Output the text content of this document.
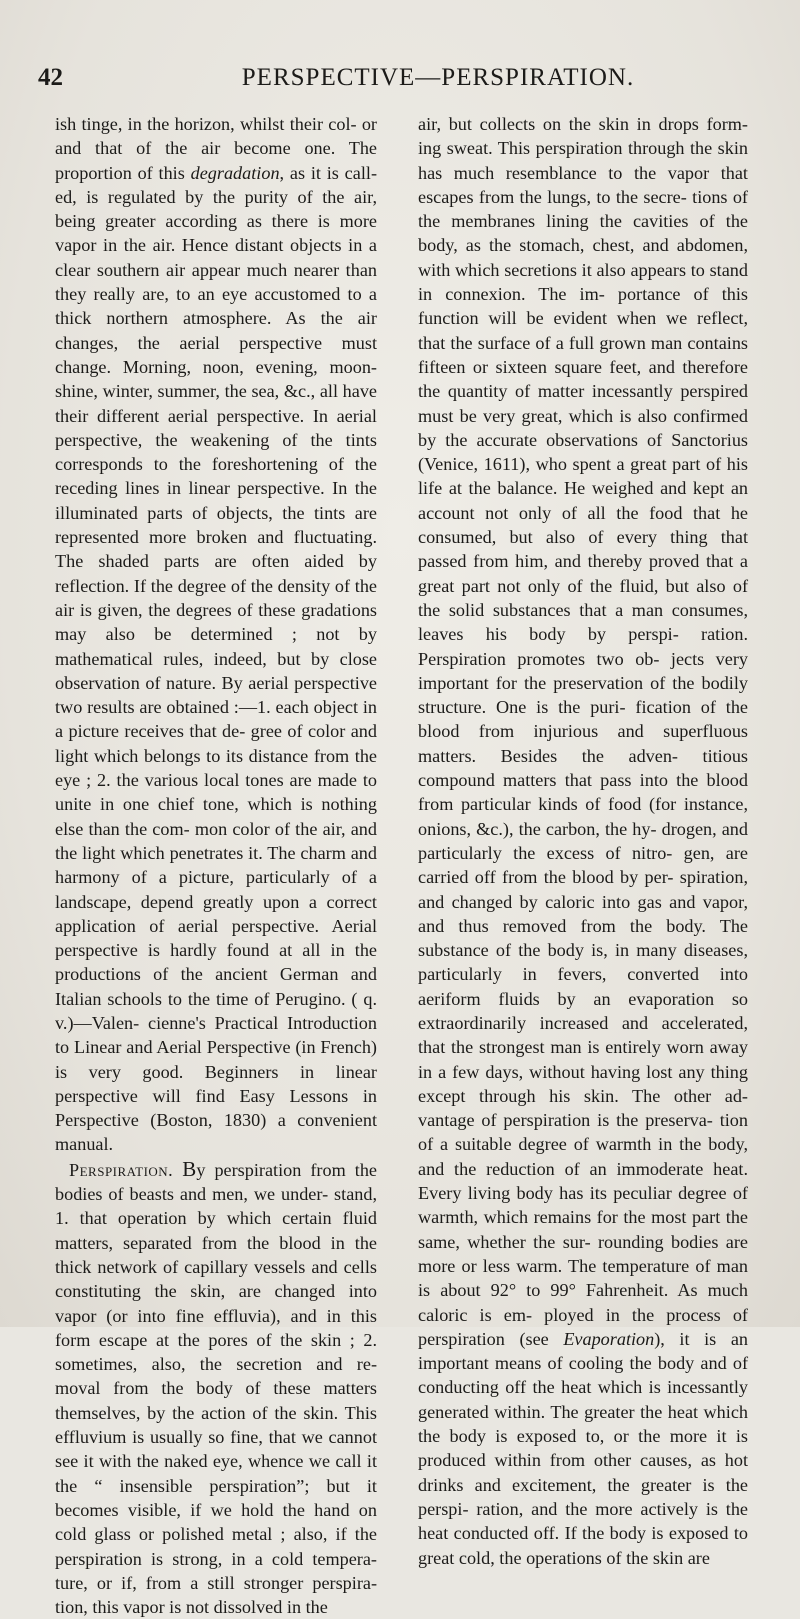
42	PERSPECTIVE—PERSPIRATION.

ish tinge, in the horizon, whilst their col- or and that of the air become one. The proportion of this degradation, as it is call- ed, is regulated by the purity of the air, being greater according as there is more vapor in the air. Hence distant objects in a clear southern air appear much nearer than they really are, to an eye accustomed to a thick northern atmosphere. As the air changes, the aerial perspective must change. Morning, noon, evening, moon- shine, winter, summer, the sea, &c., all have their different aerial perspective. In aerial perspective, the weakening of the tints corresponds to the foreshortening of the receding lines in linear perspective. In the illuminated parts of objects, the tints are represented more broken and fluctuating. The shaded parts are often aided by reflection. If the degree of the density of the air is given, the degrees of these gradations may also be determined ; not by mathematical rules, indeed, but by close observation of nature. By aerial perspective two results are obtained :—1. each object in a picture receives that de- gree of color and light which belongs to its distance from the eye ; 2. the various local tones are made to unite in one chief tone, which is nothing else than the com- mon color of the air, and the light which penetrates it. The charm and harmony of a picture, particularly of a landscape, depend greatly upon a correct application of aerial perspective. Aerial perspective is hardly found at all in the productions of the ancient German and Italian schools to the time of Perugino. ( q. v.)—Valen- cienne's Practical Introduction to Linear and Aerial Perspective (in French) is very good. Beginners in linear perspective will find Easy Lessons in Perspective (Boston, 1830) a convenient manual.

Perspiration. By perspiration from the bodies of beasts and men, we under- stand, 1. that operation by which certain fluid matters, separated from the blood in the thick network of capillary vessels and cells constituting the skin, are changed into vapor (or into fine effluvia), and in this form escape at the pores of the skin ; 2. sometimes, also, the secretion and re- moval from the body of these matters themselves, by the action of the skin. This effluvium is usually so fine, that we cannot see it with the naked eye, whence we call it the “ insensible perspiration”; but it becomes visible, if we hold the hand on cold glass or polished metal ; also, if the perspiration is strong, in a cold tempera- ture, or if, from a still stronger perspira- tion, this vapor is not dissolved in the

air, but collects on the skin in drops form- ing sweat. This perspiration through the skin has much resemblance to the vapor that escapes from the lungs, to the secre- tions of the membranes lining the cavities of the body, as the stomach, chest, and abdomen, with which secretions it also appears to stand in connexion. The im- portance of this function will be evident when we reflect, that the surface of a full grown man contains fifteen or sixteen square feet, and therefore the quantity of matter incessantly perspired must be very great, which is also confirmed by the accurate observations of Sanctorius (Venice, 1611), who spent a great part of his life at the balance. He weighed and kept an account not only of all the food that he consumed, but also of every thing that passed from him, and thereby proved that a great part not only of the fluid, but also of the solid substances that a man consumes, leaves his body by perspi- ration. Perspiration promotes two ob- jects very important for the preservation of the bodily structure. One is the puri- fication of the blood from injurious and superfluous matters. Besides the adven- titious compound matters that pass into the blood from particular kinds of food (for instance, onions, &c.), the carbon, the hy- drogen, and particularly the excess of nitro- gen, are carried off from the blood by per- spiration, and changed by caloric into gas and vapor, and thus removed from the body. The substance of the body is, in many diseases, particularly in fevers, converted into aeriform fluids by an evaporation so extraordinarily increased and accelerated, that the strongest man is entirely worn away in a few days, without having lost any thing except through his skin. The other ad- vantage of perspiration is the preserva- tion of a suitable degree of warmth in the body, and the reduction of an immoderate heat. Every living body has its peculiar degree of warmth, which remains for the most part the same, whether the sur- rounding bodies are more or less warm. The temperature of man is about 92° to 99° Fahrenheit. As much caloric is em- ployed in the process of perspiration (see Evaporation), it is an important means of cooling the body and of conducting off the heat which is incessantly generated within. The greater the heat which the body is exposed to, or the more it is produced within from other causes, as hot drinks and excitement, the greater is the perspi- ration, and the more actively is the heat conducted off. If the body is exposed to great cold, the operations of the skin are
